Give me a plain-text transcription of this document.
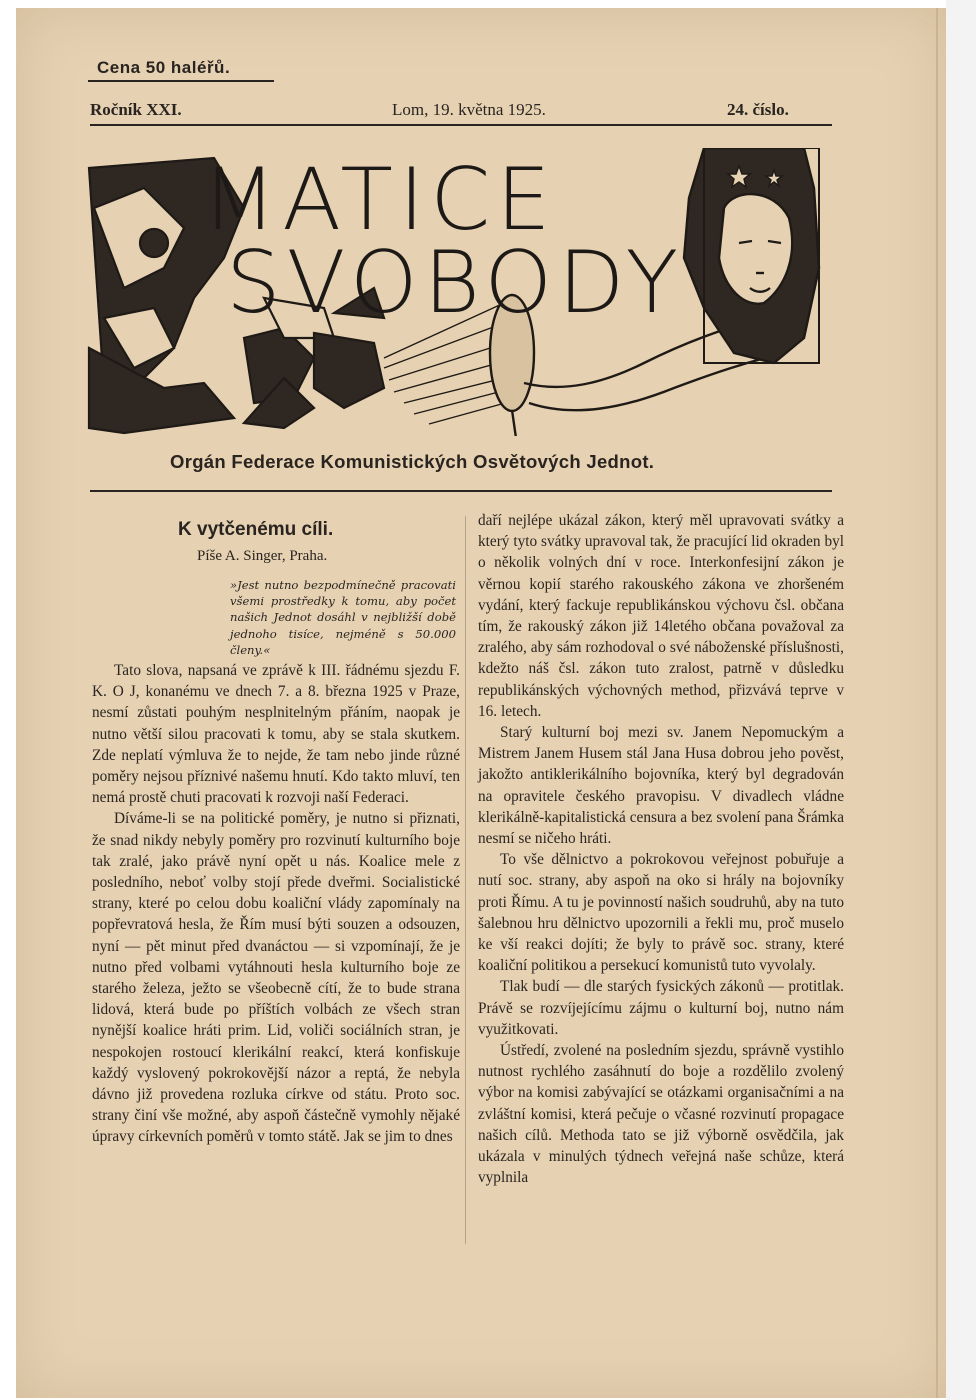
Cena 50 haléřů.
Ročník XXI.	Lom, 19. května 1925.	24. číslo.
MATICE
SVOBODY
Orgán Federace Komunistických Osvětových Jednot.
K vytčenému cíli.
Píše A. Singer, Praha.
»Jest nutno bezpodmínečně pracovati všemi prostředky k tomu, aby počet našich Jednot dosáhl v nejbližší době jednoho tisíce, nejméně s 50.000 členy.«

Tato slova, napsaná ve zprávě k III. řádnému sjezdu F. K. O J, konanému ve dnech 7. a 8. března 1925 v Praze, nesmí zůstati pouhým nesplnitelným přáním, naopak je nutno větší silou pracovati k tomu, aby se stala skutkem. Zde neplatí výmluva že to nejde, že tam nebo jinde různé poměry nejsou příznivé našemu hnutí. Kdo takto mluví, ten nemá prostě chuti pracovati k rozvoji naší Federaci.

Díváme-li se na politické poměry, je nutno si přiznati, že snad nikdy nebyly poměry pro rozvinutí kulturního boje tak zralé, jako právě nyní opět u nás. Koalice mele z posledního, neboť volby stojí přede dveřmi. Socialistické strany, které po celou dobu koaliční vlády zapomínaly na popřevratová hesla, že Řím musí býti souzen a odsouzen, nyní — pět minut před dvanáctou — si vzpomínají, že je nutno před volbami vytáhnouti hesla kulturního boje ze starého železa, ježto se všeobecně cítí, že to bude strana lidová, která bude po příštích volbách ze všech stran nynější koalice hráti prim. Lid, voliči sociálních stran, je nespokojen rostoucí klerikální reakcí, která konfiskuje každý vyslovený pokrokovější názor a reptá, že nebyla dávno již provedena rozluka církve od státu. Proto soc. strany činí vše možné, aby aspoň částečně vymohly nějaké úpravy církevních poměrů v tomto státě. Jak se jim to dnes

daří nejlépe ukázal zákon, který měl upravovati svátky a který tyto svátky upravoval tak, že pracující lid okraden byl o několik volných dní v roce. Interkonfesijní zákon je věrnou kopií starého rakouského zákona ve zhoršeném vydání, který fackuje republikánskou výchovu čsl. občana tím, že rakouský zákon již 14letého občana považoval za zralého, aby sám rozhodoval o své náboženské příslušnosti, kdežto náš čsl. zákon tuto zralost, patrně v důsledku republikánských výchovných method, přizvává teprve v 16. letech.

Starý kulturní boj mezi sv. Janem Nepomuckým a Mistrem Janem Husem stál Jana Husa dobrou jeho pověst, jakožto antiklerikálního bojovníka, který byl degradován na opravitele českého pravopisu. V divadlech vládne klerikálně-kapitalistická censura a bez svolení pana Šrámka nesmí se ničeho hráti.

To vše dělnictvo a pokrokovou veřejnost pobuřuje a nutí soc. strany, aby aspoň na oko si hrály na bojovníky proti Římu. A tu je povinností našich soudruhů, aby na tuto šalebnou hru dělnictvo upozornili a řekli mu, proč muselo ke vší reakci dojíti; že byly to právě soc. strany, které koaliční politikou a persekucí komunistů tuto vyvolaly.

Tlak budí — dle starých fysických zákonů — protitlak. Právě se rozvíjejícímu zájmu o kulturní boj, nutno nám využitkovati.

Ústředí, zvolené na posledním sjezdu, správně vystihlo nutnost rychlého zasáhnutí do boje a rozdělilo zvolený výbor na komisi zabývající se otázkami organisačními a na zvláštní komisi, která pečuje o včasné rozvinutí propagace našich cílů. Methoda tato se již výborně osvědčila, jak ukázala v minulých týdnech veřejná naše schůze, která vyplnila
